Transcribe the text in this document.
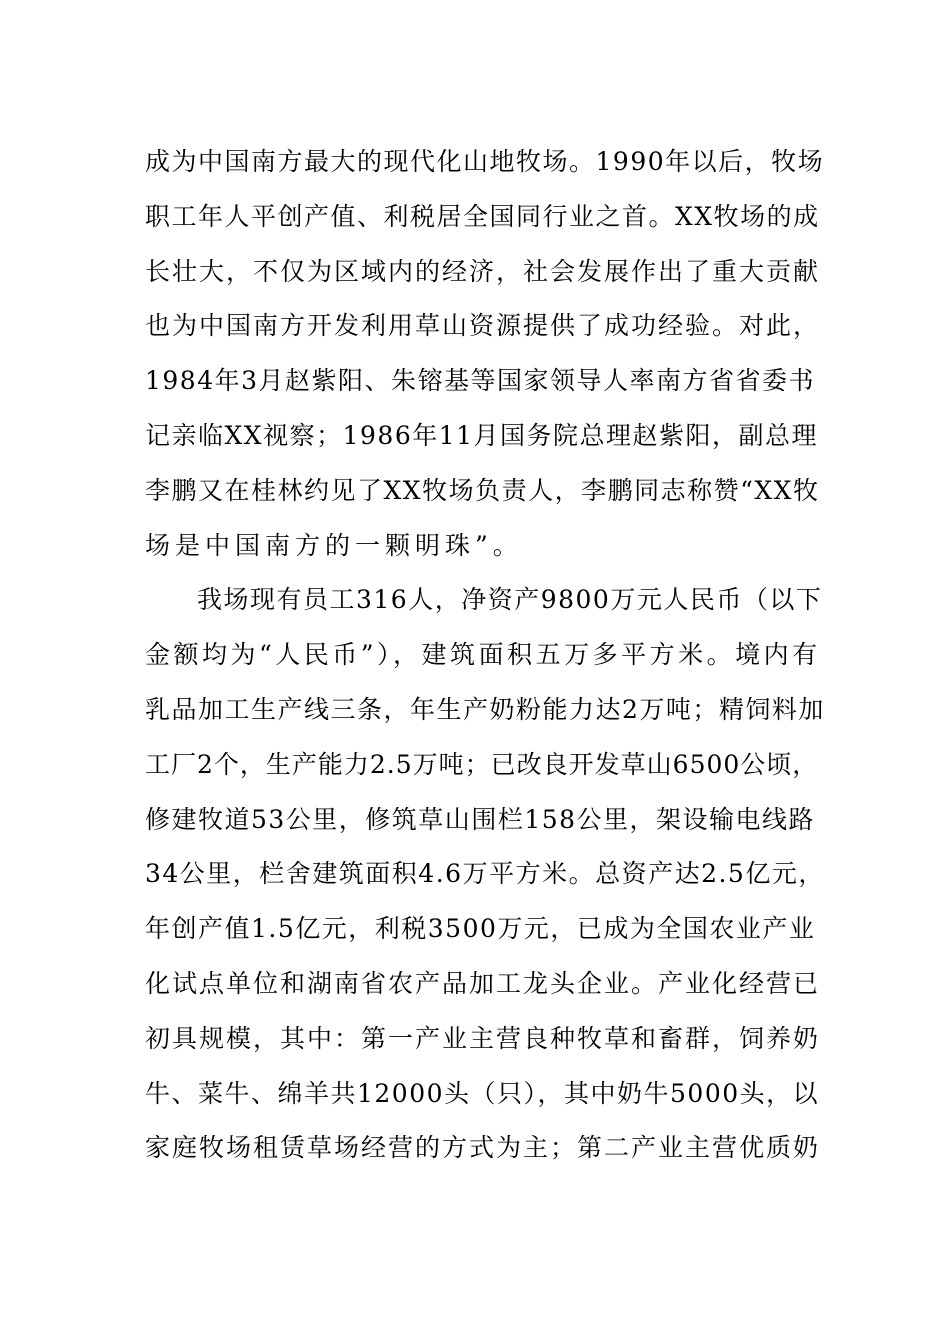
成为中国南方最大的现代化山地牧场。1990年以后，牧场
职工年人平创产值、利税居全国同行业之首。XX牧场的成
长壮大，不仅为区域内的经济，社会发展作出了重大贡献
也为中国南方开发利用草山资源提供了成功经验。对此，
1984年3月赵紫阳、朱镕基等国家领导人率南方省省委书
记亲临XX视察；1986年11月国务院总理赵紫阳，副总理
李鹏又在桂林约见了XX牧场负责人，李鹏同志称赞“XX牧
场是中国南方的一颗明珠”。
我场现有员工316人，净资产9800万元人民币（以下
金额均为“人民币”），建筑面积五万多平方米。境内有
乳品加工生产线三条，年生产奶粉能力达2万吨；精饲料加
工厂2个，生产能力2.5万吨；已改良开发草山6500公顷，
修建牧道53公里，修筑草山围栏158公里，架设输电线路
34公里，栏舍建筑面积4.6万平方米。总资产达2.5亿元，
年创产值1.5亿元，利税3500万元，已成为全国农业产业
化试点单位和湖南省农产品加工龙头企业。产业化经营已
初具规模，其中：第一产业主营良种牧草和畜群，饲养奶
牛、菜牛、绵羊共12000头（只），其中奶牛5000头，以
家庭牧场租赁草场经营的方式为主；第二产业主营优质奶
